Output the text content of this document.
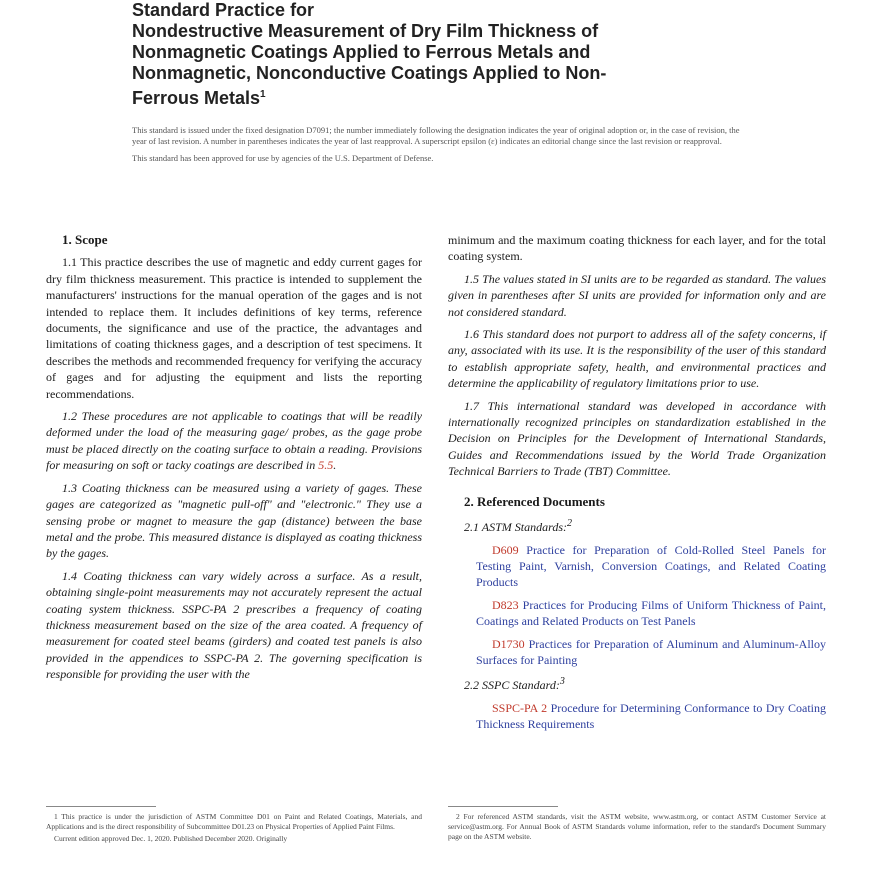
Standard Practice for
Nondestructive Measurement of Dry Film Thickness of
Nonmagnetic Coatings Applied to Ferrous Metals and
Nonmagnetic, Nonconductive Coatings Applied to Non-
Ferrous Metals$^1$

This standard is issued under the fixed designation D7091; the number immediately following the designation indicates the year of original adoption or, in the case of revision, the year of last revision. A number in parentheses indicates the year of last reapproval. A superscript epsilon (ε) indicates an editorial change since the last revision or reapproval.

This standard has been approved for use by agencies of the U.S. Department of Defense.

1. Scope

1.1 This practice describes the use of magnetic and eddy current gages for dry film thickness measurement. This practice is intended to supplement the manufacturers' instructions for the manual operation of the gages and is not intended to replace them. It includes definitions of key terms, reference documents, the significance and use of the practice, the advantages and limitations of coating thickness gages, and a description of test specimens. It describes the methods and recommended frequency for verifying the accuracy of gages and for adjusting the equipment and lists the reporting recommendations.

1.2 These procedures are not applicable to coatings that will be readily deformed under the load of the measuring gage/ probes, as the gage probe must be placed directly on the coating surface to obtain a reading. Provisions for measuring on soft or tacky coatings are described in 5.5.

1.3 Coating thickness can be measured using a variety of gages. These gages are categorized as "magnetic pull-off" and "electronic." They use a sensing probe or magnet to measure the gap (distance) between the base metal and the probe. This measured distance is displayed as coating thickness by the gages.

1.4 Coating thickness can vary widely across a surface. As a result, obtaining single-point measurements may not accurately represent the actual coating system thickness. SSPC-PA 2 prescribes a frequency of coating thickness measurement based on the size of the area coated. A frequency of measurement for coated steel beams (girders) and coated test panels is also provided in the appendices to SSPC-PA 2. The governing specification is responsible for providing the user with the

minimum and the maximum coating thickness for each layer, and for the total coating system.

1.5 The values stated in SI units are to be regarded as standard. The values given in parentheses after SI units are provided for information only and are not considered standard.

1.6 This standard does not purport to address all of the safety concerns, if any, associated with its use. It is the responsibility of the user of this standard to establish appropriate safety, health, and environmental practices and determine the applicability of regulatory limitations prior to use.

1.7 This international standard was developed in accordance with internationally recognized principles on standardization established in the Decision on Principles for the Development of International Standards, Guides and Recommendations issued by the World Trade Organization Technical Barriers to Trade (TBT) Committee.

2. Referenced Documents

2.1 ASTM Standards:$^2$

D609 Practice for Preparation of Cold-Rolled Steel Panels for Testing Paint, Varnish, Conversion Coatings, and Related Coating Products

D823 Practices for Producing Films of Uniform Thickness of Paint, Coatings and Related Products on Test Panels

D1730 Practices for Preparation of Aluminum and Aluminum-Alloy Surfaces for Painting

2.2 SSPC Standard:$^3$

SSPC-PA 2 Procedure for Determining Conformance to Dry Coating Thickness Requirements

1 This practice is under the jurisdiction of ASTM Committee D01 on Paint and Related Coatings, Materials, and Applications and is the direct responsibility of Subcommittee D01.23 on Physical Properties of Applied Paint Films.

Current edition approved Dec. 1, 2020. Published December 2020. Originally

2 For referenced ASTM standards, visit the ASTM website, www.astm.org, or contact ASTM Customer Service at service@astm.org. For Annual Book of ASTM Standards volume information, refer to the standard's Document Summary page on the ASTM website.
